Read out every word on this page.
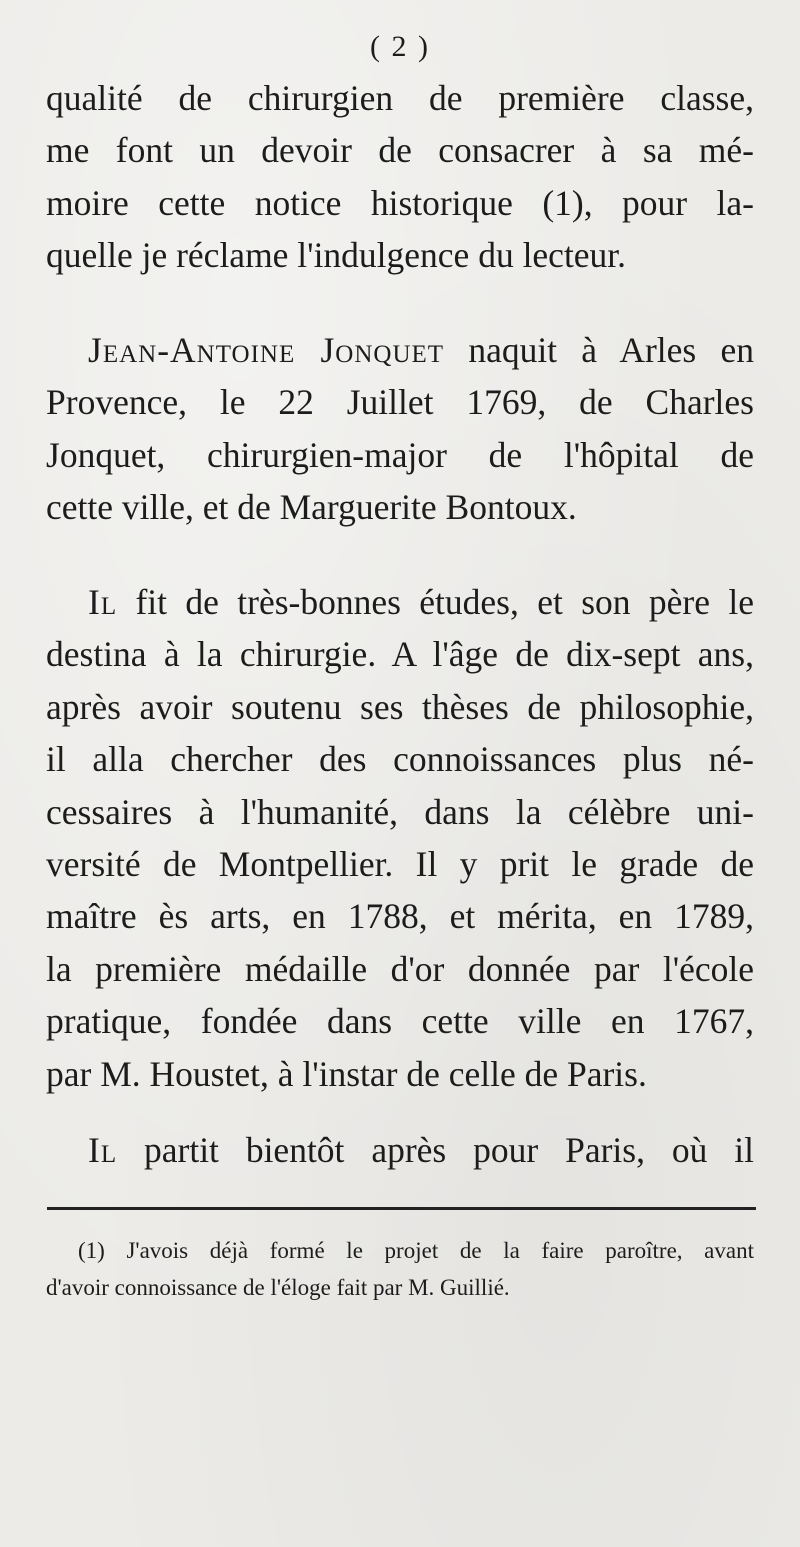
( 2 )
qualité de chirurgien de première classe,
me font un devoir de consacrer à sa mé-
moire cette notice historique (1), pour la-
quelle je réclame l'indulgence du lecteur.
Jean-Antoine Jonquet naquit à Arles en
Provence, le 22 Juillet 1769, de Charles
Jonquet, chirurgien-major de l'hôpital de
cette ville, et de Marguerite Bontoux.
Il fit de très-bonnes études, et son père le
destina à la chirurgie. A l'âge de dix-sept ans,
après avoir soutenu ses thèses de philosophie,
il alla chercher des connoissances plus né-
cessaires à l'humanité, dans la célèbre uni-
versité de Montpellier. Il y prit le grade de
maître ès arts, en 1788, et mérita, en 1789,
la première médaille d'or donnée par l'école
pratique, fondée dans cette ville en 1767,
par M. Houstet, à l'instar de celle de Paris.
Il partit bientôt après pour Paris, où il
(1) J'avois déjà formé le projet de la faire paroître, avant
d'avoir connoissance de l'éloge fait par M. Guillié.
